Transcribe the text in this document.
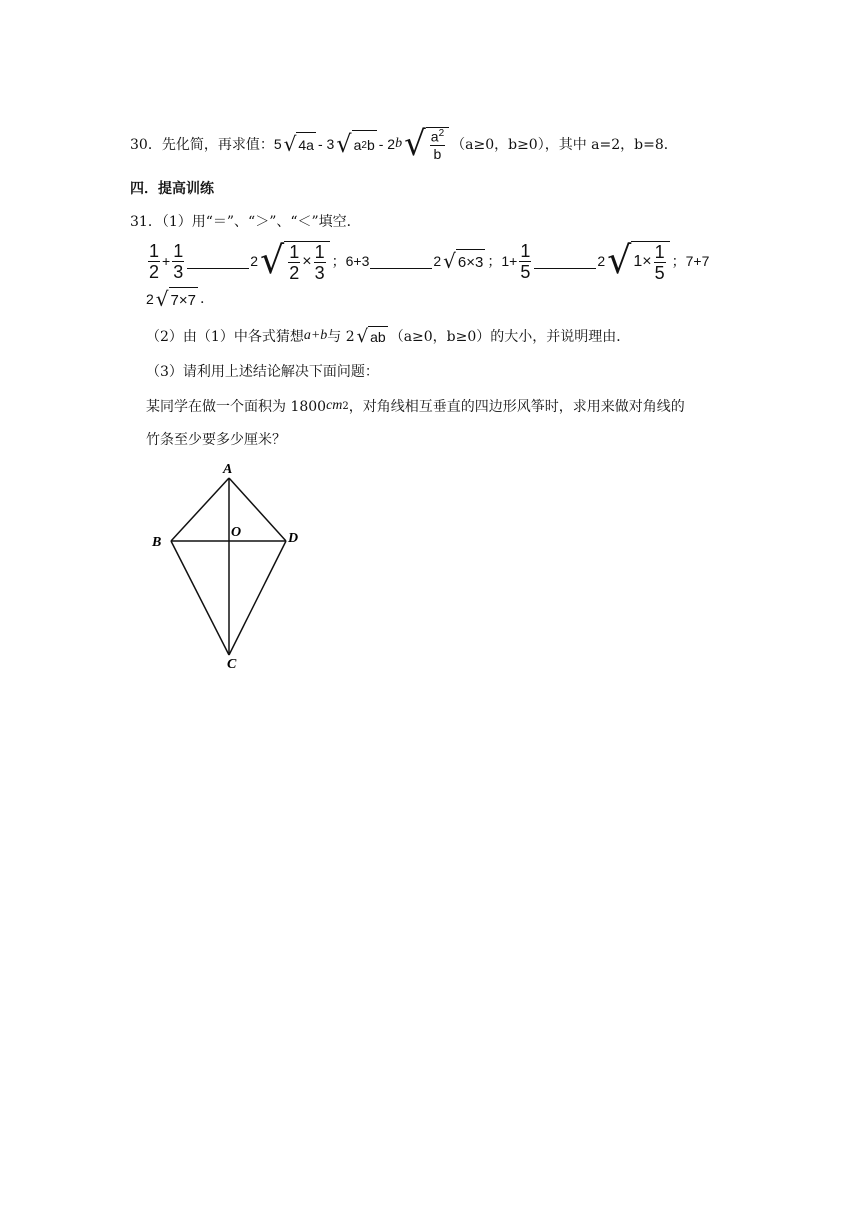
30．先化简，再求值： 5 √ 4a - 3 √ a 2 b - 2 b √ $\frac{a^2}{b} (a\ge 0$，b≥0），其中 a=2，b=8．
四．提高训练
31．（1）用“＝”、“＞”、“＜”填空．
$\frac{1}{2} + \frac{1}{3}$	2 √ $\frac{1}{2} \times \frac{1}{3}$ ； 6+3	2 √ 6×3 ； $1+ \frac{1}{5}$	2 √ $1\times \frac{1}{5}$ ； 7+7
2 √ 7×7 .
（2）由（1）中各式猜想 a+b 与 2 √ ab （a≥0，b≥0）的大小，并说明理由．
（3）请利用上述结论解决下面问题：
某同学在做一个面积为 1800 cm 2 ，对角线相互垂直的四边形风筝时，求用来做对角线的
竹条至少要多少厘米？
A
B	D
O
C
